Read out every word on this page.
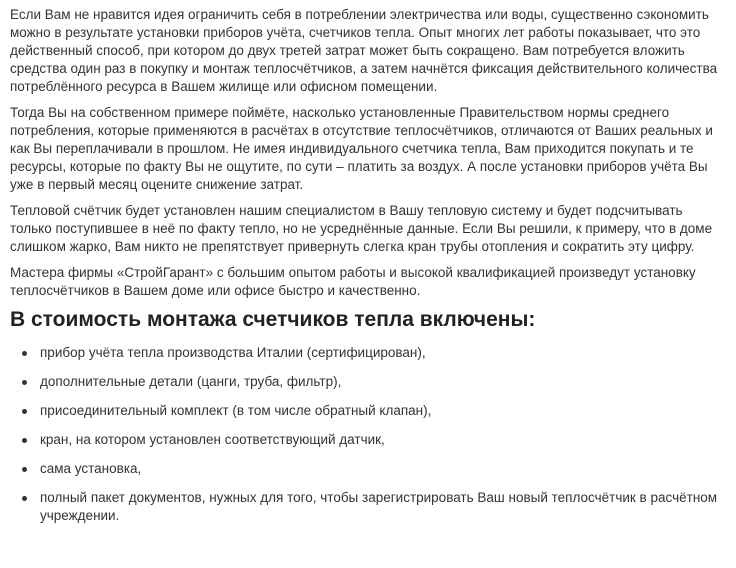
Если Вам не нравится идея ограничить себя в потреблении электричества или воды, существенно сэкономить можно в результате установки приборов учёта, счетчиков тепла. Опыт многих лет работы показывает, что это действенный способ, при котором до двух третей затрат может быть сокращено. Вам потребуется вложить средства один раз в покупку и монтаж теплосчётчиков, а затем начнётся фиксация действительного количества потреблённого ресурса в Вашем жилище или офисном помещении.

Тогда Вы на собственном примере поймёте, насколько установленные Правительством нормы среднего потребления, которые применяются в расчётах в отсутствие теплосчётчиков, отличаются от Ваших реальных и как Вы переплачивали в прошлом. Не имея индивидуального счетчика тепла, Вам приходится покупать и те ресурсы, которые по факту Вы не ощутите, по сути – платить за воздух. А после установки приборов учёта Вы уже в первый месяц оцените снижение затрат.

Тепловой счётчик будет установлен нашим специалистом в Вашу тепловую систему и будет подсчитывать только поступившее в неё по факту тепло, но не усреднённые данные. Если Вы решили, к примеру, что в доме слишком жарко, Вам никто не препятствует привернуть слегка кран трубы отопления и сократить эту цифру.

Мастера фирмы «СтройГарант» с большим опытом работы и высокой квалификацией произведут установку теплосчётчиков в Вашем доме или офисе быстро и качественно.

В стоимость монтажа счетчиков тепла включены:
прибор учёта тепла производства Италии (сертифицирован),
дополнительные детали (цанги, труба, фильтр),
присоединительный комплект (в том числе обратный клапан),
кран, на котором установлен соответствующий датчик,
сама установка,
полный пакет документов, нужных для того, чтобы зарегистрировать Ваш новый теплосчётчик в расчётном учреждении.
